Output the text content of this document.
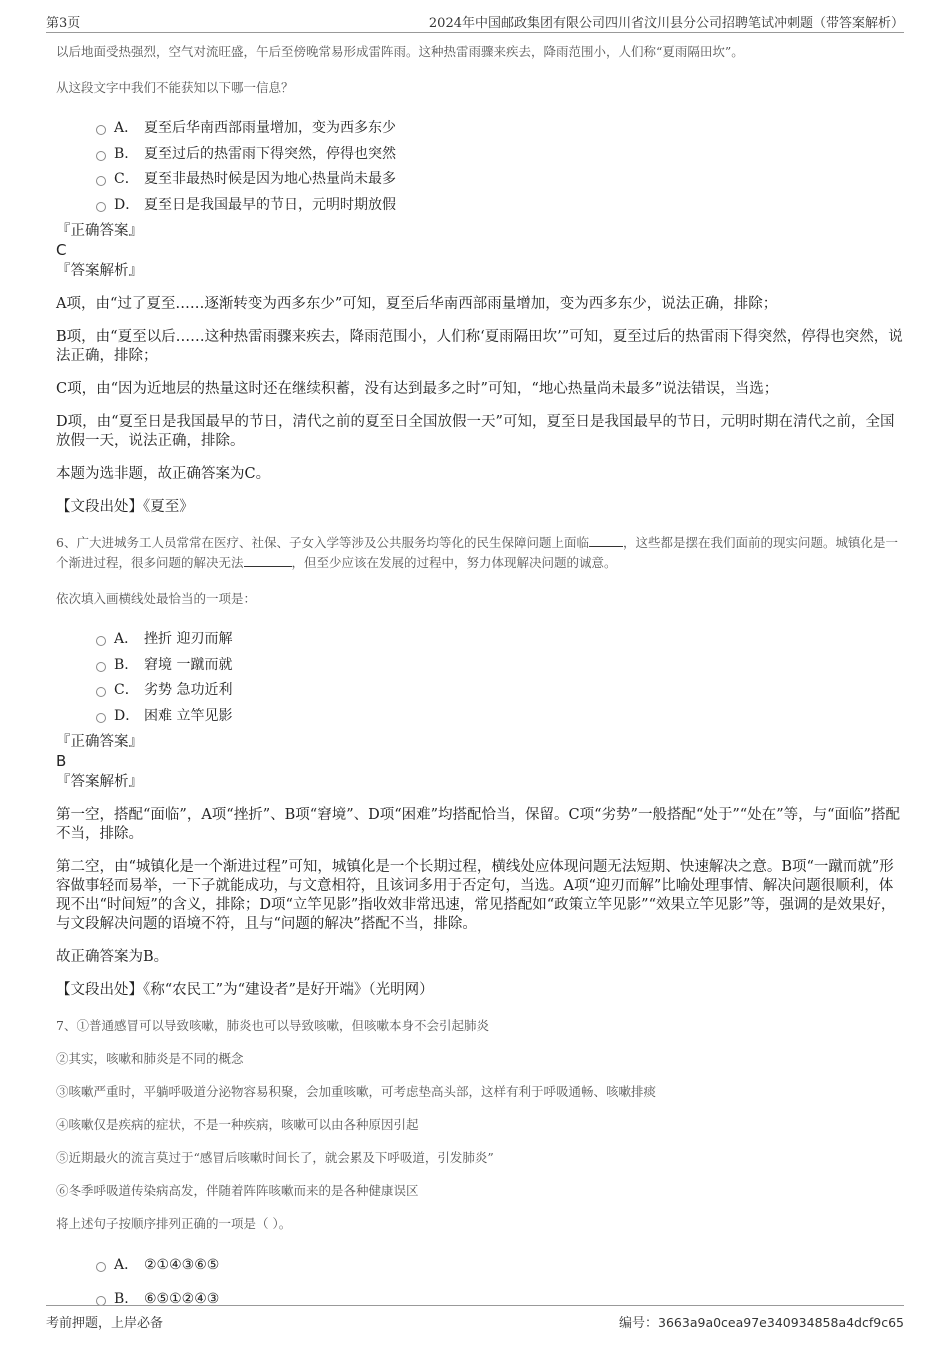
第3页	2024年中国邮政集团有限公司四川省汶川县分公司招聘笔试冲刺题（带答案解析）

以后地面受热强烈，空气对流旺盛，午后至傍晚常易形成雷阵雨。这种热雷雨骤来疾去，降雨范围小，人们称“夏雨隔田坎”。

从这段文字中我们不能获知以下哪一信息？

A． 夏至后华南西部雨量增加，变为西多东少
B. 夏至过后的热雷雨下得突然，停得也突然
C． 夏至非最热时候是因为地心热量尚未最多
D． 夏至日是我国最早的节日，元明时期放假

『正确答案』

C

『答案解析』

A项，由“过了夏至……逐渐转变为西多东少”可知，夏至后华南西部雨量增加，变为西多东少，说法正确，排除；

B项，由“夏至以后……这种热雷雨骤来疾去，降雨范围小，人们称‘夏雨隔田坎’”可知，夏至过后的热雷雨下得突然，停得也突然，说法正确，排除；

C项，由“因为近地层的热量这时还在继续积蓄，没有达到最多之时”可知，“地心热量尚未最多”说法错误，当选；

D项，由“夏至日是我国最早的节日，清代之前的夏至日全国放假一天”可知，夏至日是我国最早的节日，元明时期在清代之前，全国放假一天，说法正确，排除。

本题为选非题，故正确答案为C。

【文段出处】《夏至》

6、广大进城务工人员常常在医疗、社保、子女入学等涉及公共服务均等化的民生保障问题上面临	，这些都是摆在我们面前的现实问题。城镇化是一个渐进过程，很多问题的解决无法	，但至少应该在发展的过程中，努力体现解决问题的诚意。

依次填入画横线处最恰当的一项是：

A． 挫折 迎刃而解
B. 窘境 一蹴而就
C． 劣势 急功近利
D． 困难 立竿见影

『正确答案』

B

『答案解析』

第一空，搭配“面临”，A项“挫折”、B项“窘境”、D项“困难”均搭配恰当，保留。C项“劣势”一般搭配“处于”“处在”等，与“面临”搭配不当，排除。

第二空，由“城镇化是一个渐进过程”可知，城镇化是一个长期过程，横线处应体现问题无法短期、快速解决之意。B项“一蹴而就”形容做事轻而易举，一下子就能成功，与文意相符，且该词多用于否定句，当选。A项“迎刃而解”比喻处理事情、解决问题很顺利，体现不出“时间短”的含义，排除；D项“立竿见影”指收效非常迅速，常见搭配如“政策立竿见影”“效果立竿见影”等，强调的是效果好，与文段解决问题的语境不符，且与“问题的解决”搭配不当，排除。

故正确答案为B。

【文段出处】《称“农民工”为“建设者”是好开端》（光明网）

7、①普通感冒可以导致咳嗽，肺炎也可以导致咳嗽，但咳嗽本身不会引起肺炎

②其实，咳嗽和肺炎是不同的概念

③咳嗽严重时，平躺呼吸道分泌物容易积聚，会加重咳嗽，可考虑垫高头部，这样有利于呼吸通畅、咳嗽排痰

④咳嗽仅是疾病的症状，不是一种疾病，咳嗽可以由各种原因引起

⑤近期最火的流言莫过于“感冒后咳嗽时间长了，就会累及下呼吸道，引发肺炎”

⑥冬季呼吸道传染病高发，伴随着阵阵咳嗽而来的是各种健康误区

将上述句子按顺序排列正确的一项是（ ）。

A． ②①④③⑥⑤
B. ⑥⑤①②④③
考前押题，上岸必备	编号：3663a9a0cea97e340934858a4dcf9c65
